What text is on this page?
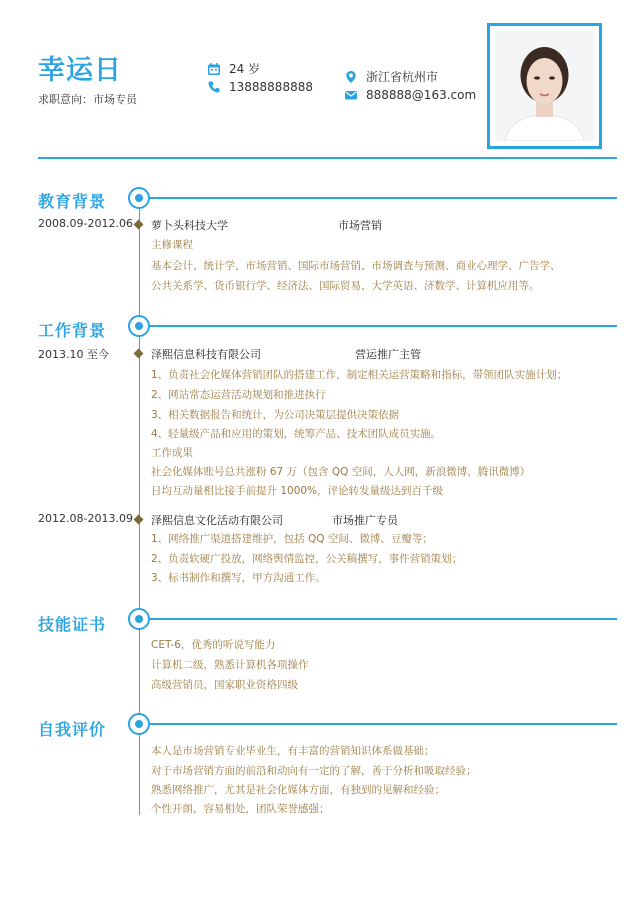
幸运日
求职意向：市场专员
24 岁
13888888888
浙江省杭州市
888888@163.com
教育背景
2008.09-2012.06 萝卜头科技大学	市场营销
主修课程
基本会计、统计学、市场营销、国际市场营销、市场调查与预测、商业心理学、广告学、
公共关系学、货币银行学、经济法、国际贸易、大学英语、济数学、计算机应用等。
工作背景
2013.10 至今	泽熙信息科技有限公司	营运推广主管
1、负责社会化媒体营销团队的搭建工作，制定相关运营策略和指标，带领团队实施计划；
2、网站常态运营活动规划和推进执行
3、相关数据报告和统计，为公司决策层提供决策依据
4、轻量级产品和应用的策划，统筹产品、技术团队成员实施。
工作成果
社会化媒体账号总共涨粉 67 万（包含 QQ 空间，人人网，新浪微博，腾讯微博）
日均互动量相比接手前提升 1000%，评论转发量级达到百千级
2012.08-2013.09 泽熙信息文化活动有限公司	市场推广专员
1、网络推广渠道搭建维护，包括 QQ 空间、微博、豆瓣等；
2、负责软硬广投放，网络舆情监控，公关稿撰写，事件营销策划；
3、标书制作和撰写，甲方沟通工作。
技能证书
CET-6，优秀的听说写能力
计算机二级，熟悉计算机各项操作
高级营销员，国家职业资格四级
自我评价
本人是市场营销专业毕业生，有丰富的营销知识体系做基础；
对于市场营销方面的前沿和动向有一定的了解，善于分析和吸取经验；
熟悉网络推广，尤其是社会化媒体方面，有独到的见解和经验；
个性开朗，容易相处，团队荣誉感强；
